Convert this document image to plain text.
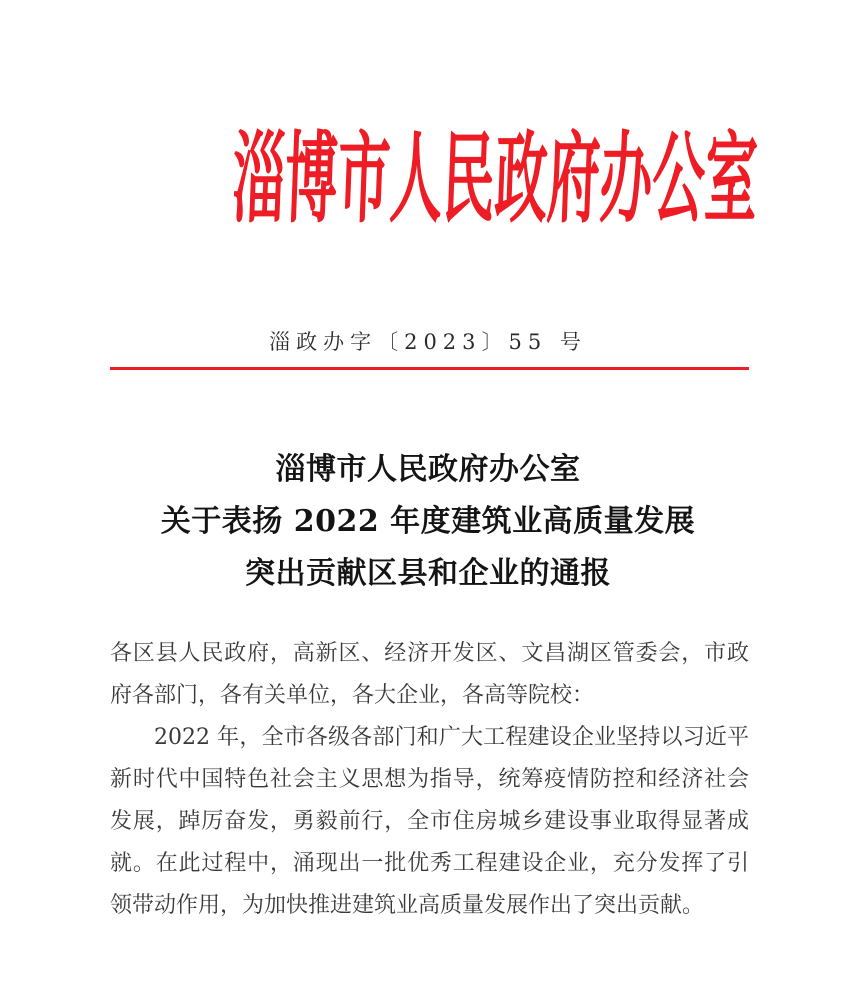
淄博市人民政府办公室
淄政办字〔2023〕55 号
淄博市人民政府办公室
关于表扬 2022 年度建筑业高质量发展
突出贡献区县和企业的通报
各区县人民政府，高新区、经济开发区、文昌湖区管委会，市政
府各部门，各有关单位，各大企业，各高等院校：
2022 年，全市各级各部门和广大工程建设企业坚持以习近平
新时代中国特色社会主义思想为指导，统筹疫情防控和经济社会
发展，踔厉奋发，勇毅前行，全市住房城乡建设事业取得显著成
就。在此过程中，涌现出一批优秀工程建设企业，充分发挥了引
领带动作用，为加快推进建筑业高质量发展作出了突出贡献。
